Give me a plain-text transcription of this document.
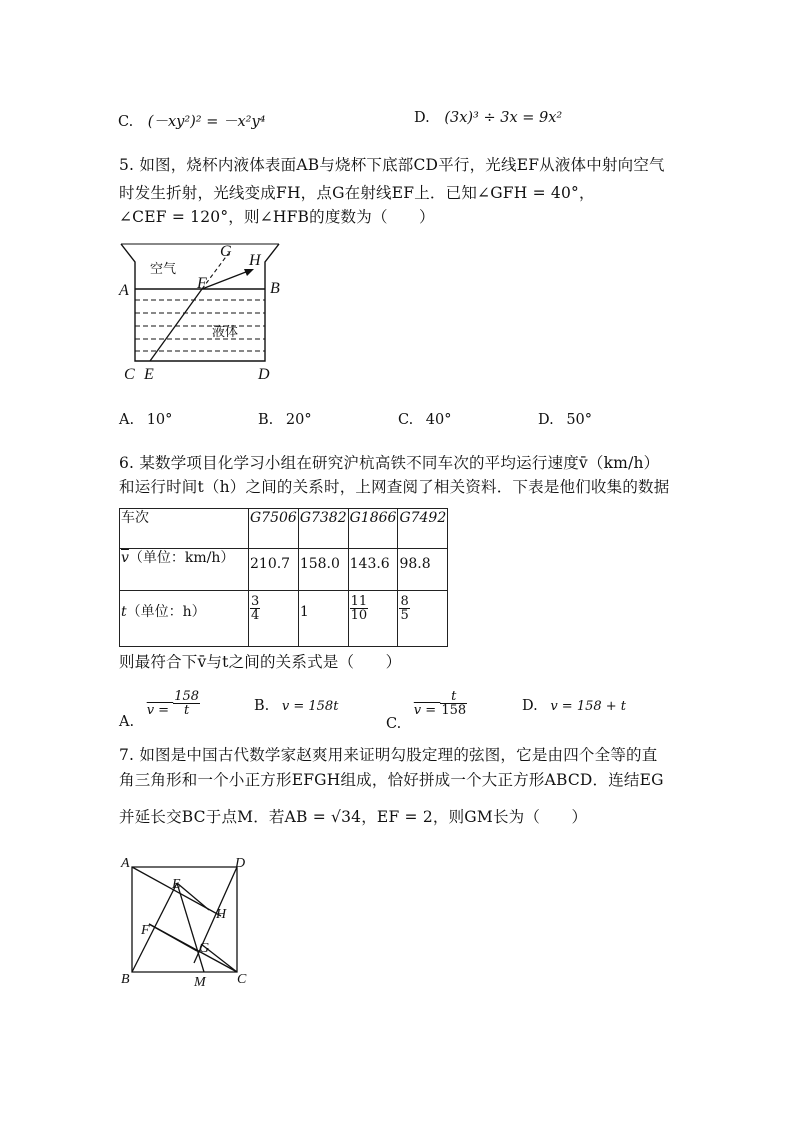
C. (－xy²)² = －x²y⁴	D. (3x)³ ÷ 3x = 9x²
5. 如图，烧杯内液体表面AB与烧杯下底部CD平行，光线EF从液体中射向空气
时发生折射，光线变成FH，点G在射线EF上．已知∠GFH = 40°，
∠CEF = 120°，则∠HFB的度数为（　　）
空气
液体
A	B
C E	D
F
G
H
A. 10°	B. 20°	C. 40°	D. 50°
6. 某数学项目化学习小组在研究沪杭高铁不同车次的平均运行速度v̄（km/h）
和运行时间t（h）之间的关系时，上网查阅了相关资料．下表是他们收集的数据
车次	G7506	G7382	G1866	G7492
$\overline{v}$（单位：km/h）	210.7	158.0	143.6	98.8
t（单位：h）	$\frac{3}{4}$	1	$\frac{11}{10}$	$\frac{8}{5}$
则最符合下v̄与t之间的关系式是（　　）
A. $v = \frac{158}{t}$	B. v = 158t
C. $v = \frac{t}{158}$	D. v = 158 + t
7. 如图是中国古代数学家赵爽用来证明勾股定理的弦图，它是由四个全等的直
角三角形和一个小正方形EFGH组成，恰好拼成一个大正方形ABCD．连结EG
并延长交BC于点M．若AB = √34，EF = 2，则GM长为（　　）
A	D
B	C
E
F
G
H
M
